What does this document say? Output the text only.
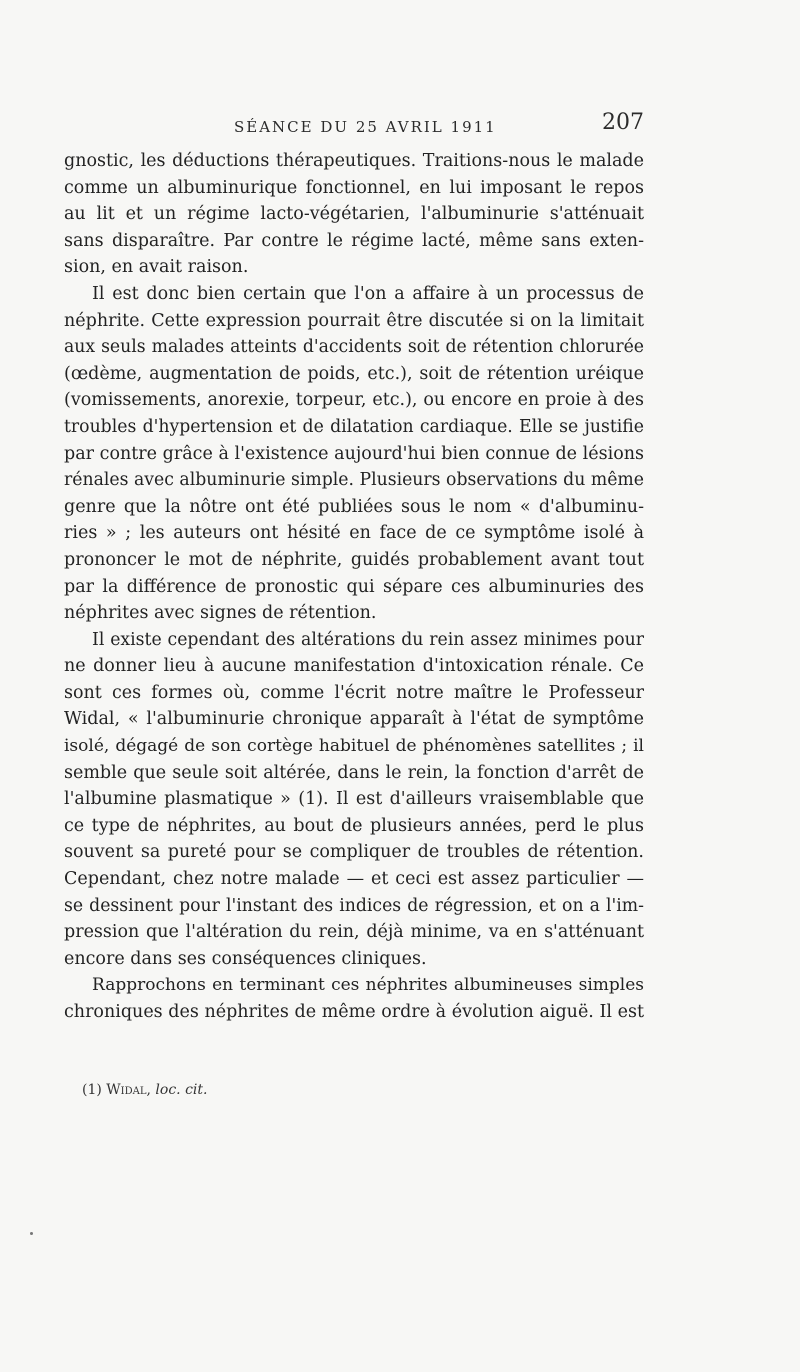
SÉANCE DU 25 AVRIL 1911	207
gnostic, les déductions thérapeutiques. Traitions-nous le malade
comme un albuminurique fonctionnel, en lui imposant le repos
au lit et un régime lacto-végétarien, l'albuminurie s'atténuait
sans disparaître. Par contre le régime lacté, même sans exten-
sion, en avait raison.
Il est donc bien certain que l'on a affaire à un processus de
néphrite. Cette expression pourrait être discutée si on la limitait
aux seuls malades atteints d'accidents soit de rétention chlorurée
(œdème, augmentation de poids, etc.), soit de rétention uréique
(vomissements, anorexie, torpeur, etc.), ou encore en proie à des
troubles d'hypertension et de dilatation cardiaque. Elle se justifie
par contre grâce à l'existence aujourd'hui bien connue de lésions
rénales avec albuminurie simple. Plusieurs observations du même
genre que la nôtre ont été publiées sous le nom « d'albuminu-
ries » ; les auteurs ont hésité en face de ce symptôme isolé à
prononcer le mot de néphrite, guidés probablement avant tout
par la différence de pronostic qui sépare ces albuminuries des
néphrites avec signes de rétention.
Il existe cependant des altérations du rein assez minimes pour
ne donner lieu à aucune manifestation d'intoxication rénale. Ce
sont ces formes où, comme l'écrit notre maître le Professeur
Widal, « l'albuminurie chronique apparaît à l'état de symptôme
isolé, dégagé de son cortège habituel de phénomènes satellites ; il
semble que seule soit altérée, dans le rein, la fonction d'arrêt de
l'albumine plasmatique » (1). Il est d'ailleurs vraisemblable que
ce type de néphrites, au bout de plusieurs années, perd le plus
souvent sa pureté pour se compliquer de troubles de rétention.
Cependant, chez notre malade — et ceci est assez particulier —
se dessinent pour l'instant des indices de régression, et on a l'im-
pression que l'altération du rein, déjà minime, va en s'atténuant
encore dans ses conséquences cliniques.
Rapprochons en terminant ces néphrites albumineuses simples
chroniques des néphrites de même ordre à évolution aiguë. Il est
(1) Widal, loc. cit.
